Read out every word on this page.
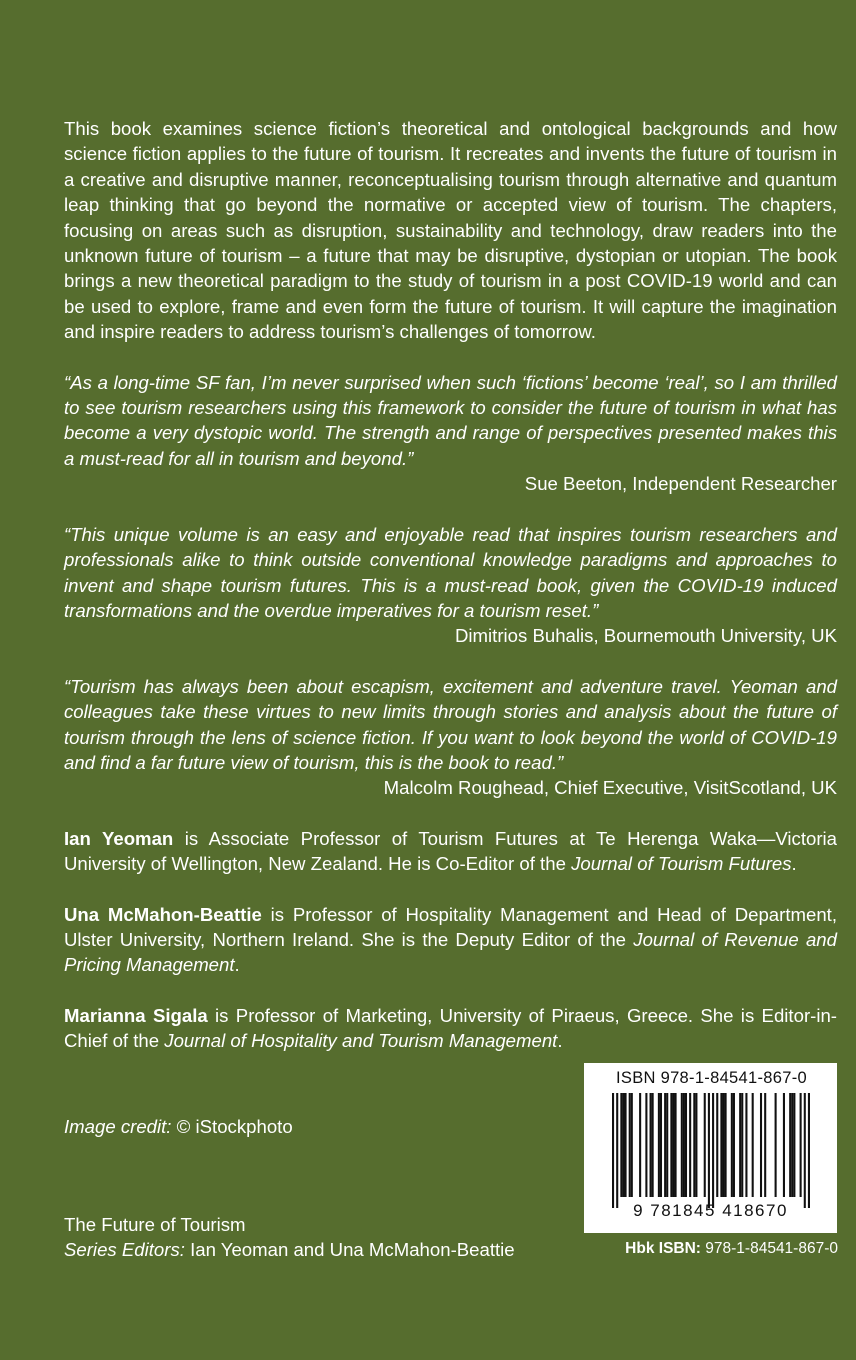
This book examines science fiction’s theoretical and ontological backgrounds and how science fiction applies to the future of tourism. It recreates and invents the future of tourism in a creative and disruptive manner, reconceptualising tourism through alternative and quantum leap thinking that go beyond the normative or accepted view of tourism. The chapters, focusing on areas such as disruption, sustainability and technology, draw readers into the unknown future of tourism – a future that may be disruptive, dystopian or utopian. The book brings a new theoretical paradigm to the study of tourism in a post COVID-19 world and can be used to explore, frame and even form the future of tourism. It will capture the imagination and inspire readers to address tourism’s challenges of tomorrow.

“As a long-time SF fan, I’m never surprised when such ‘fictions’ become ‘real’, so I am thrilled to see tourism researchers using this framework to consider the future of tourism in what has become a very dystopic world. The strength and range of perspectives presented makes this a must-read for all in tourism and beyond.”

Sue Beeton, Independent Researcher

“This unique volume is an easy and enjoyable read that inspires tourism researchers and professionals alike to think outside conventional knowledge paradigms and approaches to invent and shape tourism futures. This is a must-read book, given the COVID-19 induced transformations and the overdue imperatives for a tourism reset.”

Dimitrios Buhalis, Bournemouth University, UK

“Tourism has always been about escapism, excitement and adventure travel. Yeoman and colleagues take these virtues to new limits through stories and analysis about the future of tourism through the lens of science fiction. If you want to look beyond the world of COVID-19 and find a far future view of tourism, this is the book to read.”

Malcolm Roughead, Chief Executive, VisitScotland, UK

Ian Yeoman is Associate Professor of Tourism Futures at Te Herenga Waka—Victoria University of Wellington, New Zealand. He is Co-Editor of the Journal of Tourism Futures.

Una McMahon-Beattie is Professor of Hospitality Management and Head of Department, Ulster University, Northern Ireland. She is the Deputy Editor of the Journal of Revenue and Pricing Management.

Marianna Sigala is Professor of Marketing, University of Piraeus, Greece. She is Editor-in-Chief of the Journal of Hospitality and Tourism Management.

Image credit: © iStockphoto
The Future of Tourism
Series Editors: Ian Yeoman and Una McMahon-Beattie
ISBN 978-1-84541-867-0
9 781845 418670
Hbk ISBN: 978-1-84541-867-0
